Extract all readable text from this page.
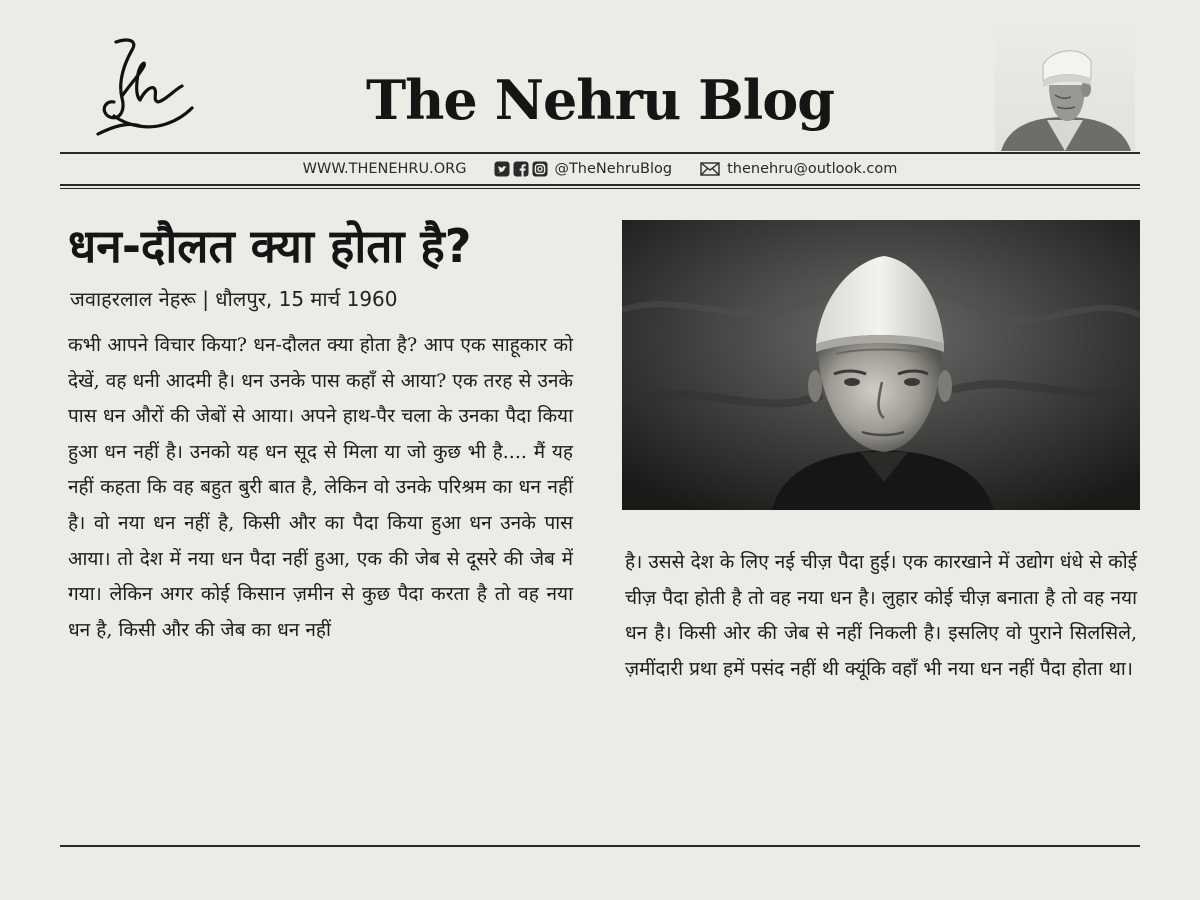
The Nehru Blog
WWW.THENEHRU.ORG	@TheNehruBlog	thenehru@outlook.com
धन-दौलत क्या होता है?
जवाहरलाल नेहरू | धौलपुर, 15 मार्च 1960

कभी आपने विचार किया? धन-दौलत क्या होता है? आप एक साहूकार को देखें, वह धनी आदमी है। धन उनके पास कहाँ से आया? एक तरह से उनके पास धन औरों की जेबों से आया। अपने हाथ-पैर चला के उनका पैदा किया हुआ धन नहीं है। उनको यह धन सूद से मिला या जो कुछ भी है.... मैं यह नहीं कहता कि वह बहुत बुरी बात है, लेकिन वो उनके परिश्रम का धन नहीं है। वो नया धन नहीं है, किसी और का पैदा किया हुआ धन उनके पास आया। तो देश में नया धन पैदा नहीं हुआ, एक की जेब से दूसरे की जेब में गया। लेकिन अगर कोई किसान ज़मीन से कुछ पैदा करता है तो वह नया धन है, किसी और की जेब का धन नहीं

है। उससे देश के लिए नई चीज़ पैदा हुई। एक कारखाने में उद्योग धंधे से कोई चीज़ पैदा होती है तो वह नया धन है। लुहार कोई चीज़ बनाता है तो वह नया धन है। किसी ओर की जेब से नहीं निकली है। इसलिए वो पुराने सिलसिले, ज़मींदारी प्रथा हमें पसंद नहीं थी क्यूंकि वहाँ भी नया धन नहीं पैदा होता था।
